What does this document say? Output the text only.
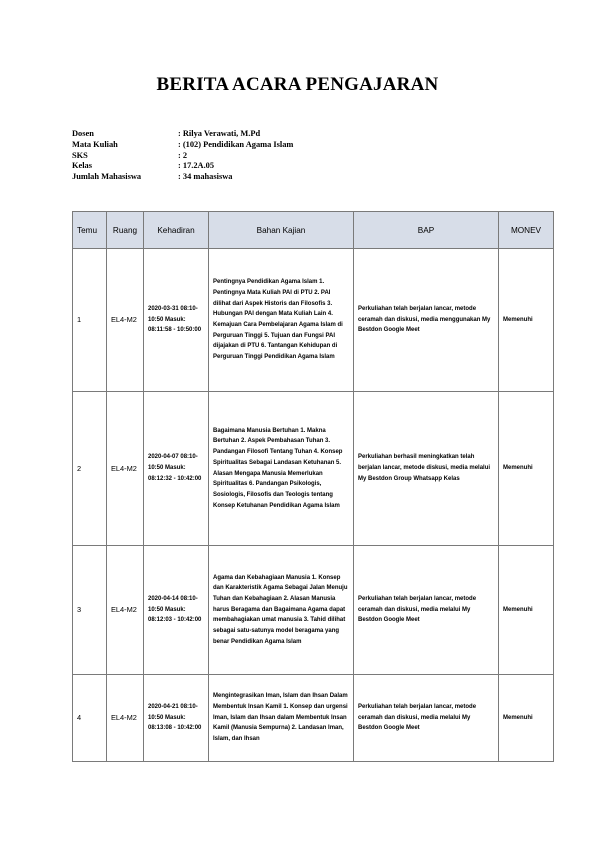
BERITA ACARA PENGAJARAN
Dosen	: Rilya Verawati, M.Pd
Mata Kuliah	: (102) Pendidikan Agama Islam
SKS	: 2
Kelas	: 17.2A.05
Jumlah Mahasiswa	: 34 mahasiswa
Temu	Ruang	Kehadiran	Bahan Kajian	BAP	MONEV
1	EL4-M2	2020-03-31 08:10-10:50 Masuk: 08:11:58 - 10:50:00	Pentingnya Pendidikan Agama Islam 1. Pentingnya Mata Kuliah PAI di PTU 2. PAI dilihat dari Aspek Historis dan Filosofis 3. Hubungan PAI dengan Mata Kuliah Lain 4. Kemajuan Cara Pembelajaran Agama Islam di Perguruan Tinggi 5. Tujuan dan Fungsi PAI dijajakan di PTU 6. Tantangan Kehidupan di Perguruan Tinggi Pendidikan Agama Islam	Perkuliahan telah berjalan lancar, metode ceramah dan diskusi, media menggunakan My Bestdon Google Meet	Memenuhi
2	EL4-M2	2020-04-07 08:10-10:50 Masuk: 08:12:32 - 10:42:00	Bagaimana Manusia Bertuhan 1. Makna Bertuhan 2. Aspek Pembahasan Tuhan 3. Pandangan Filosofi Tentang Tuhan 4. Konsep Spiritualitas Sebagai Landasan Ketuhanan 5. Alasan Mengapa Manusia Memerlukan Spiritualitas 6. Pandangan Psikologis, Sosiologis, Filosofis dan Teologis tentang Konsep Ketuhanan Pendidikan Agama Islam	Perkuliahan berhasil meningkatkan telah berjalan lancar, metode diskusi, media melalui My Bestdon Group Whatsapp Kelas	Memenuhi
3	EL4-M2	2020-04-14 08:10-10:50 Masuk: 08:12:03 - 10:42:00	Agama dan Kebahagiaan Manusia 1. Konsep dan Karakteristik Agama Sebagai Jalan Menuju Tuhan dan Kebahagiaan 2. Alasan Manusia harus Beragama dan Bagaimana Agama dapat membahagiakan umat manusia 3. Tahid dilihat sebagai satu-satunya model beragama yang benar Pendidikan Agama Islam	Perkuliahan telah berjalan lancar, metode ceramah dan diskusi, media melalui My Bestdon Google Meet	Memenuhi
4	EL4-M2	2020-04-21 08:10-10:50 Masuk: 08:13:08 - 10:42:00	Mengintegrasikan Iman, Islam dan Ihsan Dalam Membentuk Insan Kamil 1. Konsep dan urgensi Iman, Islam dan Ihsan dalam Membentuk Insan Kamil (Manusia Sempurna) 2. Landasan Iman, Islam, dan Ihsan	Perkuliahan telah berjalan lancar, metode ceramah dan diskusi, media melalui My Bestdon Google Meet	Memenuhi
